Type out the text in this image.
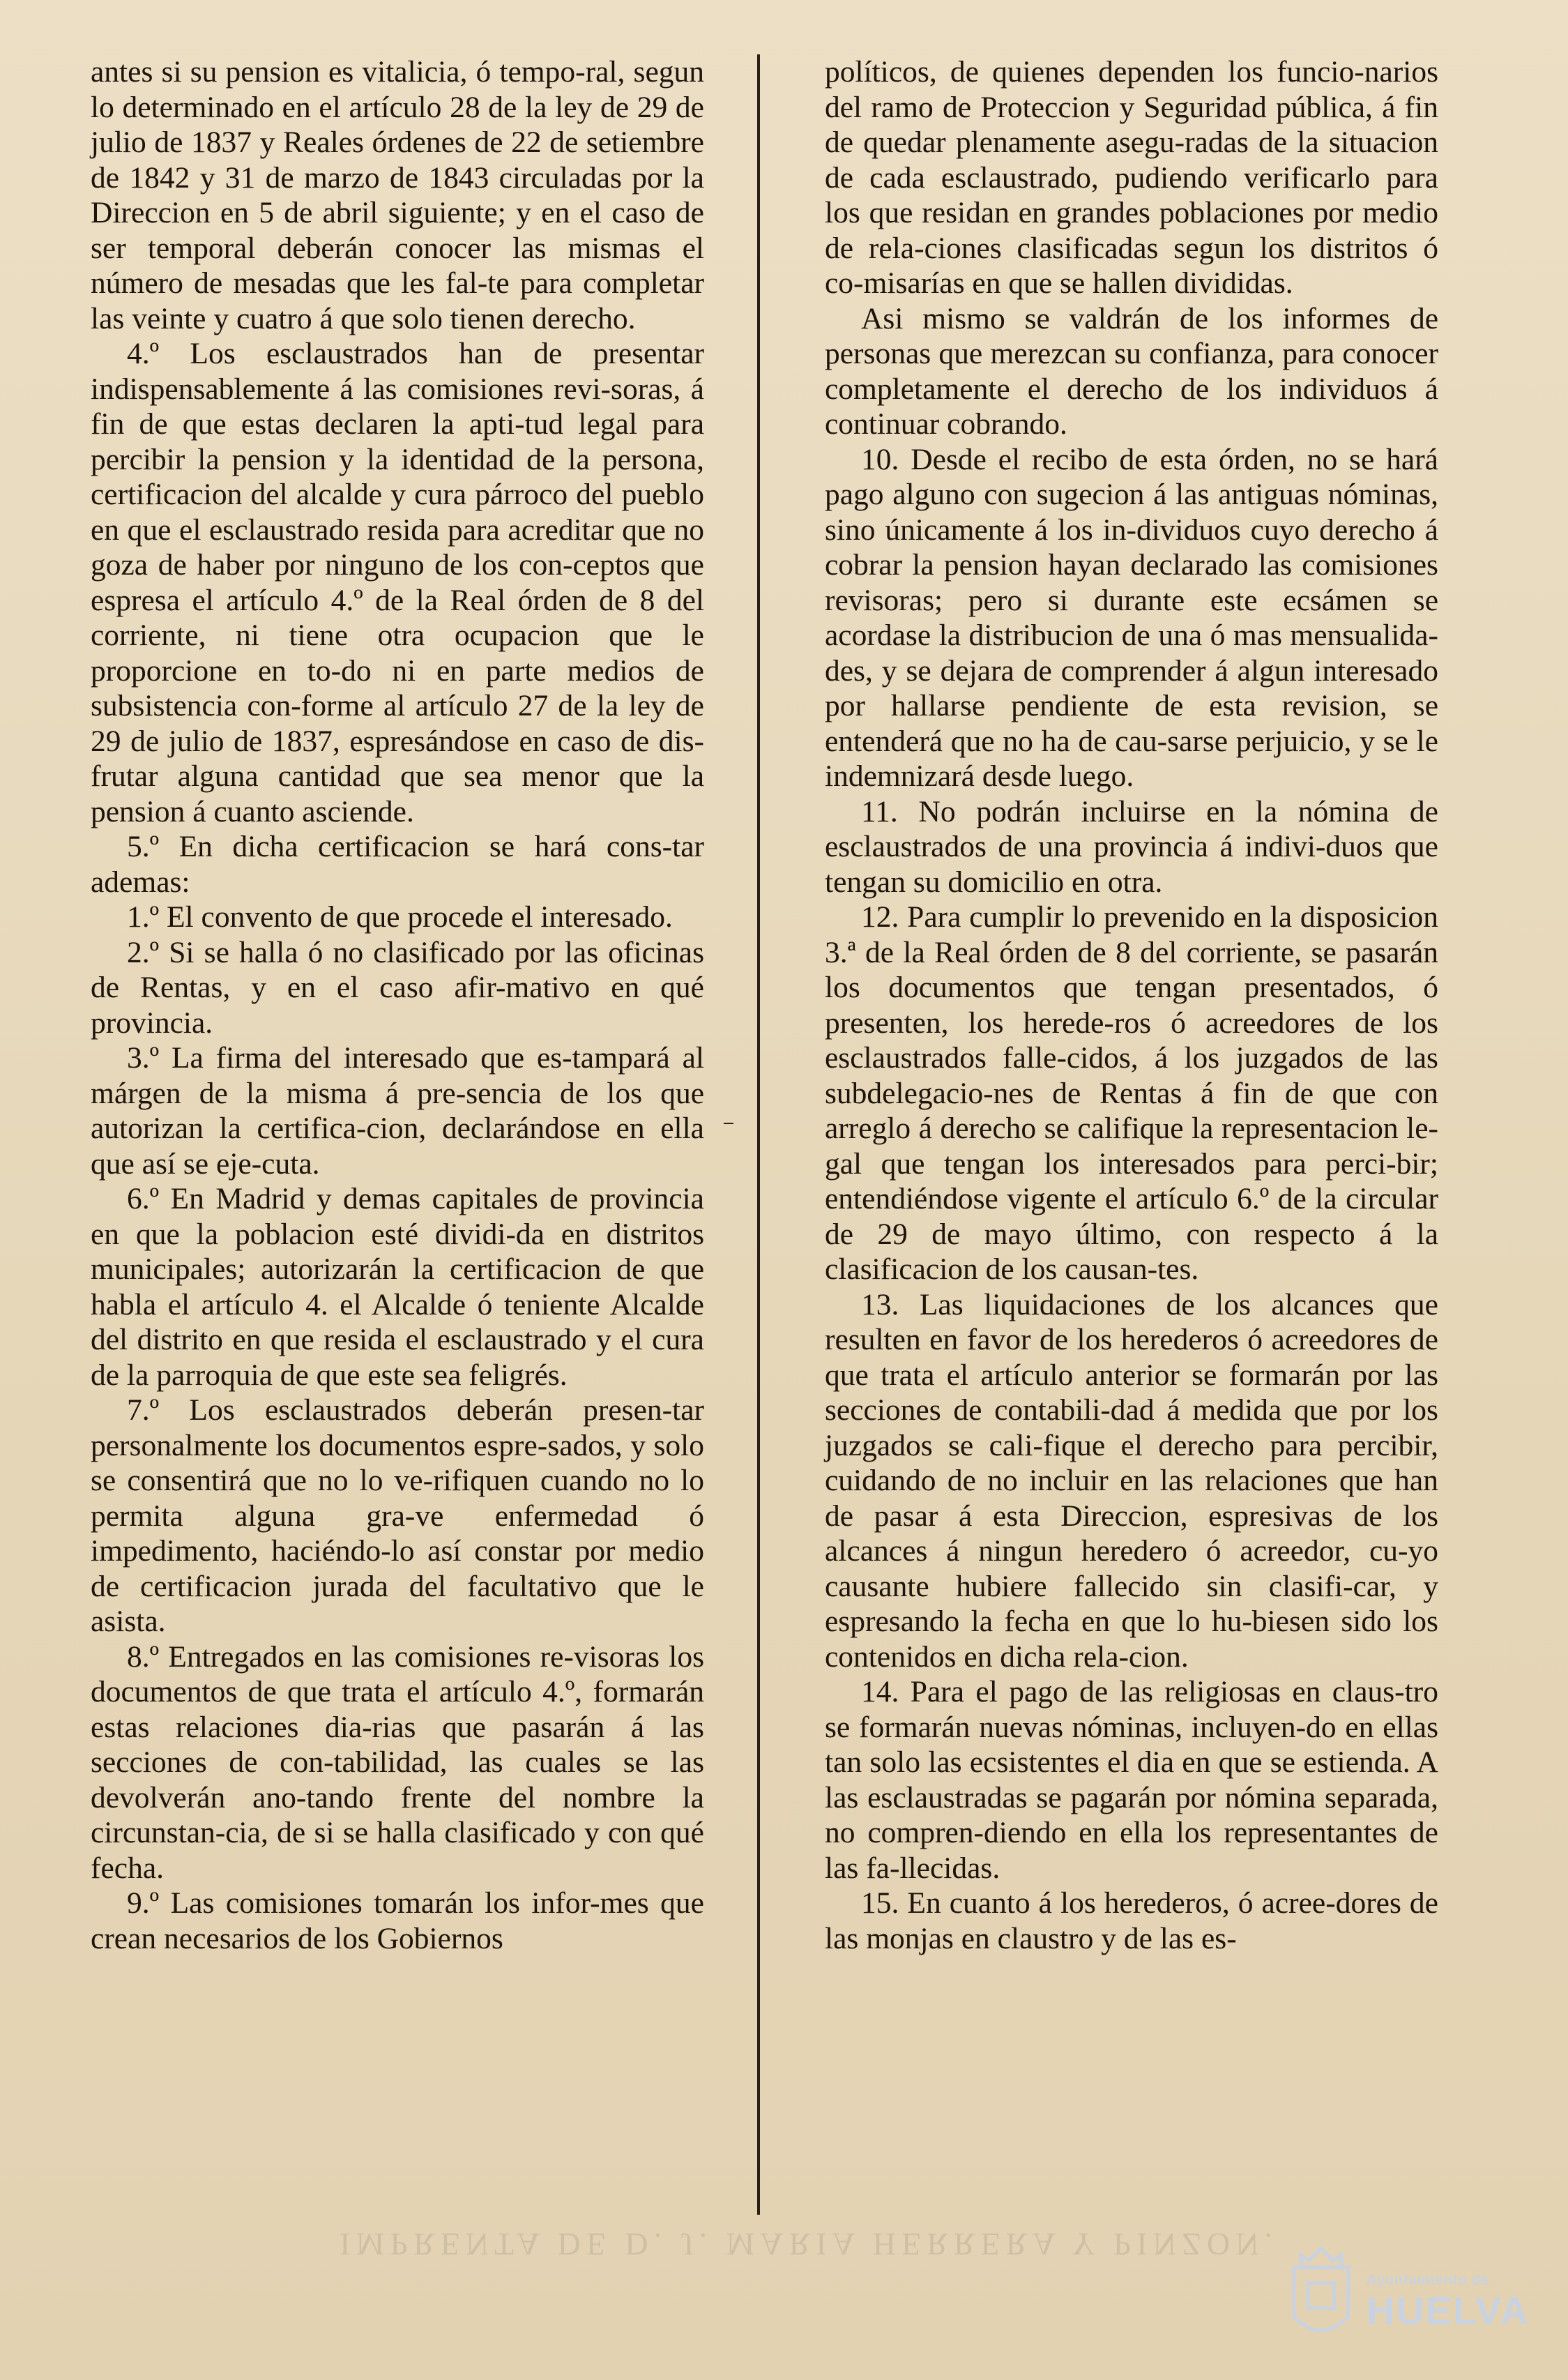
antes si su pension es vitalicia, ó tempo-ral, segun lo determinado en el artículo 28 de la ley de 29 de julio de 1837 y Reales órdenes de 22 de setiembre de 1842 y 31 de marzo de 1843 circuladas por la Direccion en 5 de abril siguiente; y en el caso de ser temporal deberán conocer las mismas el número de mesadas que les fal-te para completar las veinte y cuatro á que solo tienen derecho.

4.º Los esclaustrados han de presentar indispensablemente á las comisiones revi-soras, á fin de que estas declaren la apti-tud legal para percibir la pension y la identidad de la persona, certificacion del alcalde y cura párroco del pueblo en que el esclaustrado resida para acreditar que no goza de haber por ninguno de los con-ceptos que espresa el artículo 4.º de la Real órden de 8 del corriente, ni tiene otra ocupacion que le proporcione en to-do ni en parte medios de subsistencia con-forme al artículo 27 de la ley de 29 de julio de 1837, espresándose en caso de dis-frutar alguna cantidad que sea menor que la pension á cuanto asciende.

5.º En dicha certificacion se hará cons-tar ademas:

1.º El convento de que procede el interesado.

2.º Si se halla ó no clasificado por las oficinas de Rentas, y en el caso afir-mativo en qué provincia.

3.º La firma del interesado que es-tampará al márgen de la misma á pre-sencia de los que autorizan la certifica-cion, declarándose en ella que así se eje-cuta.

6.º En Madrid y demas capitales de provincia en que la poblacion esté dividi-da en distritos municipales; autorizarán la certificacion de que habla el artículo 4. el Alcalde ó teniente Alcalde del distrito en que resida el esclaustrado y el cura de la parroquia de que este sea feligrés.

7.º Los esclaustrados deberán presen-tar personalmente los documentos espre-sados, y solo se consentirá que no lo ve-rifiquen cuando no lo permita alguna gra-ve enfermedad ó impedimento, haciéndo-lo así constar por medio de certificacion jurada del facultativo que le asista.

8.º Entregados en las comisiones re-visoras los documentos de que trata el artículo 4.º, formarán estas relaciones dia-rias que pasarán á las secciones de con-tabilidad, las cuales se las devolverán ano-tando frente del nombre la circunstan-cia, de si se halla clasificado y con qué fecha.

9.º Las comisiones tomarán los infor-mes que crean necesarios de los Gobiernos

políticos, de quienes dependen los funcio-narios del ramo de Proteccion y Seguridad pública, á fin de quedar plenamente asegu-radas de la situacion de cada esclaustrado, pudiendo verificarlo para los que residan en grandes poblaciones por medio de rela-ciones clasificadas segun los distritos ó co-misarías en que se hallen divididas.

Asi mismo se valdrán de los informes de personas que merezcan su confianza, para conocer completamente el derecho de los individuos á continuar cobrando.

10. Desde el recibo de esta órden, no se hará pago alguno con sugecion á las antiguas nóminas, sino únicamente á los in-dividuos cuyo derecho á cobrar la pension hayan declarado las comisiones revisoras; pero si durante este ecsámen se acordase la distribucion de una ó mas mensualida-des, y se dejara de comprender á algun interesado por hallarse pendiente de esta revision, se entenderá que no ha de cau-sarse perjuicio, y se le indemnizará desde luego.

11. No podrán incluirse en la nómina de esclaustrados de una provincia á indivi-duos que tengan su domicilio en otra.

12. Para cumplir lo prevenido en la disposicion 3.ª de la Real órden de 8 del corriente, se pasarán los documentos que tengan presentados, ó presenten, los herede-ros ó acreedores de los esclaustrados falle-cidos, á los juzgados de las subdelegacio-nes de Rentas á fin de que con arreglo á derecho se califique la representacion le-gal que tengan los interesados para perci-bir; entendiéndose vigente el artículo 6.º de la circular de 29 de mayo último, con respecto á la clasificacion de los causan-tes.

13. Las liquidaciones de los alcances que resulten en favor de los herederos ó acreedores de que trata el artículo anterior se formarán por las secciones de contabili-dad á medida que por los juzgados se cali-fique el derecho para percibir, cuidando de no incluir en las relaciones que han de pasar á esta Direccion, espresivas de los alcances á ningun heredero ó acreedor, cu-yo causante hubiere fallecido sin clasifi-car, y espresando la fecha en que lo hu-biesen sido los contenidos en dicha rela-cion.

14. Para el pago de las religiosas en claus-tro se formarán nuevas nóminas, incluyen-do en ellas tan solo las ecsistentes el dia en que se estienda. A las esclaustradas se pagarán por nómina separada, no compren-diendo en ella los representantes de las fa-llecidas.

15. En cuanto á los herederos, ó acree-dores de las monjas en claustro y de las es-

IMPRENTA DE D. J. MARIA HERRERA Y PINZON.
Ayuntamiento de
HUELVA
